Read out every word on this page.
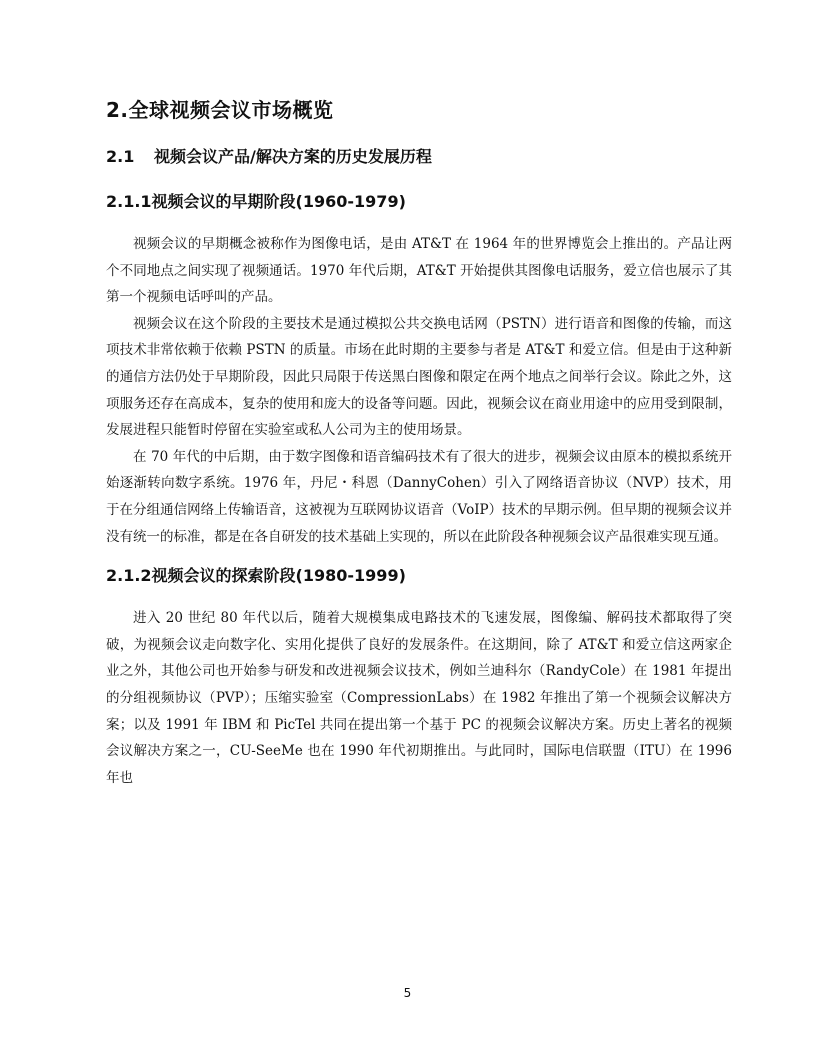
2.全球视频会议市场概览
2.1 视频会议产品/解决方案的历史发展历程
2.1.1视频会议的早期阶段(1960-1979)

视频会议的早期概念被称作为图像电话，是由 AT&T 在 1964 年的世界博览会上推出的。产品让两个不同地点之间实现了视频通话。1970 年代后期，AT&T 开始提供其图像电话服务，爱立信也展示了其第一个视频电话呼叫的产品。

视频会议在这个阶段的主要技术是通过模拟公共交换电话网（PSTN）进行语音和图像的传输，而这项技术非常依赖于依赖 PSTN 的质量。市场在此时期的主要参与者是 AT&T 和爱立信。但是由于这种新的通信方法仍处于早期阶段，因此只局限于传送黑白图像和限定在两个地点之间举行会议。除此之外，这项服务还存在高成本，复杂的使用和庞大的设备等问题。因此，视频会议在商业用途中的应用受到限制，发展进程只能暂时停留在实验室或私人公司为主的使用场景。

在 70 年代的中后期，由于数字图像和语音编码技术有了很大的进步，视频会议由原本的模拟系统开始逐渐转向数字系统。1976 年，丹尼・科恩（DannyCohen）引入了网络语音协议（NVP）技术，用于在分组通信网络上传输语音，这被视为互联网协议语音（VoIP）技术的早期示例。但早期的视频会议并没有统一的标准，都是在各自研发的技术基础上实现的，所以在此阶段各种视频会议产品很难实现互通。

2.1.2视频会议的探索阶段(1980-1999)

进入 20 世纪 80 年代以后，随着大规模集成电路技术的飞速发展，图像编、解码技术都取得了突破，为视频会议走向数字化、实用化提供了良好的发展条件。在这期间，除了 AT&T 和爱立信这两家企业之外，其他公司也开始参与研发和改进视频会议技术，例如兰迪科尔（RandyCole）在 1981 年提出的分组视频协议（PVP）；压缩实验室（CompressionLabs）在 1982 年推出了第一个视频会议解决方案；以及 1991 年 IBM 和 PicTel 共同在提出第一个基于 PC 的视频会议解决方案。历史上著名的视频会议解决方案之一，CU-SeeMe 也在 1990 年代初期推出。与此同时，国际电信联盟（ITU）在 1996 年也

5
